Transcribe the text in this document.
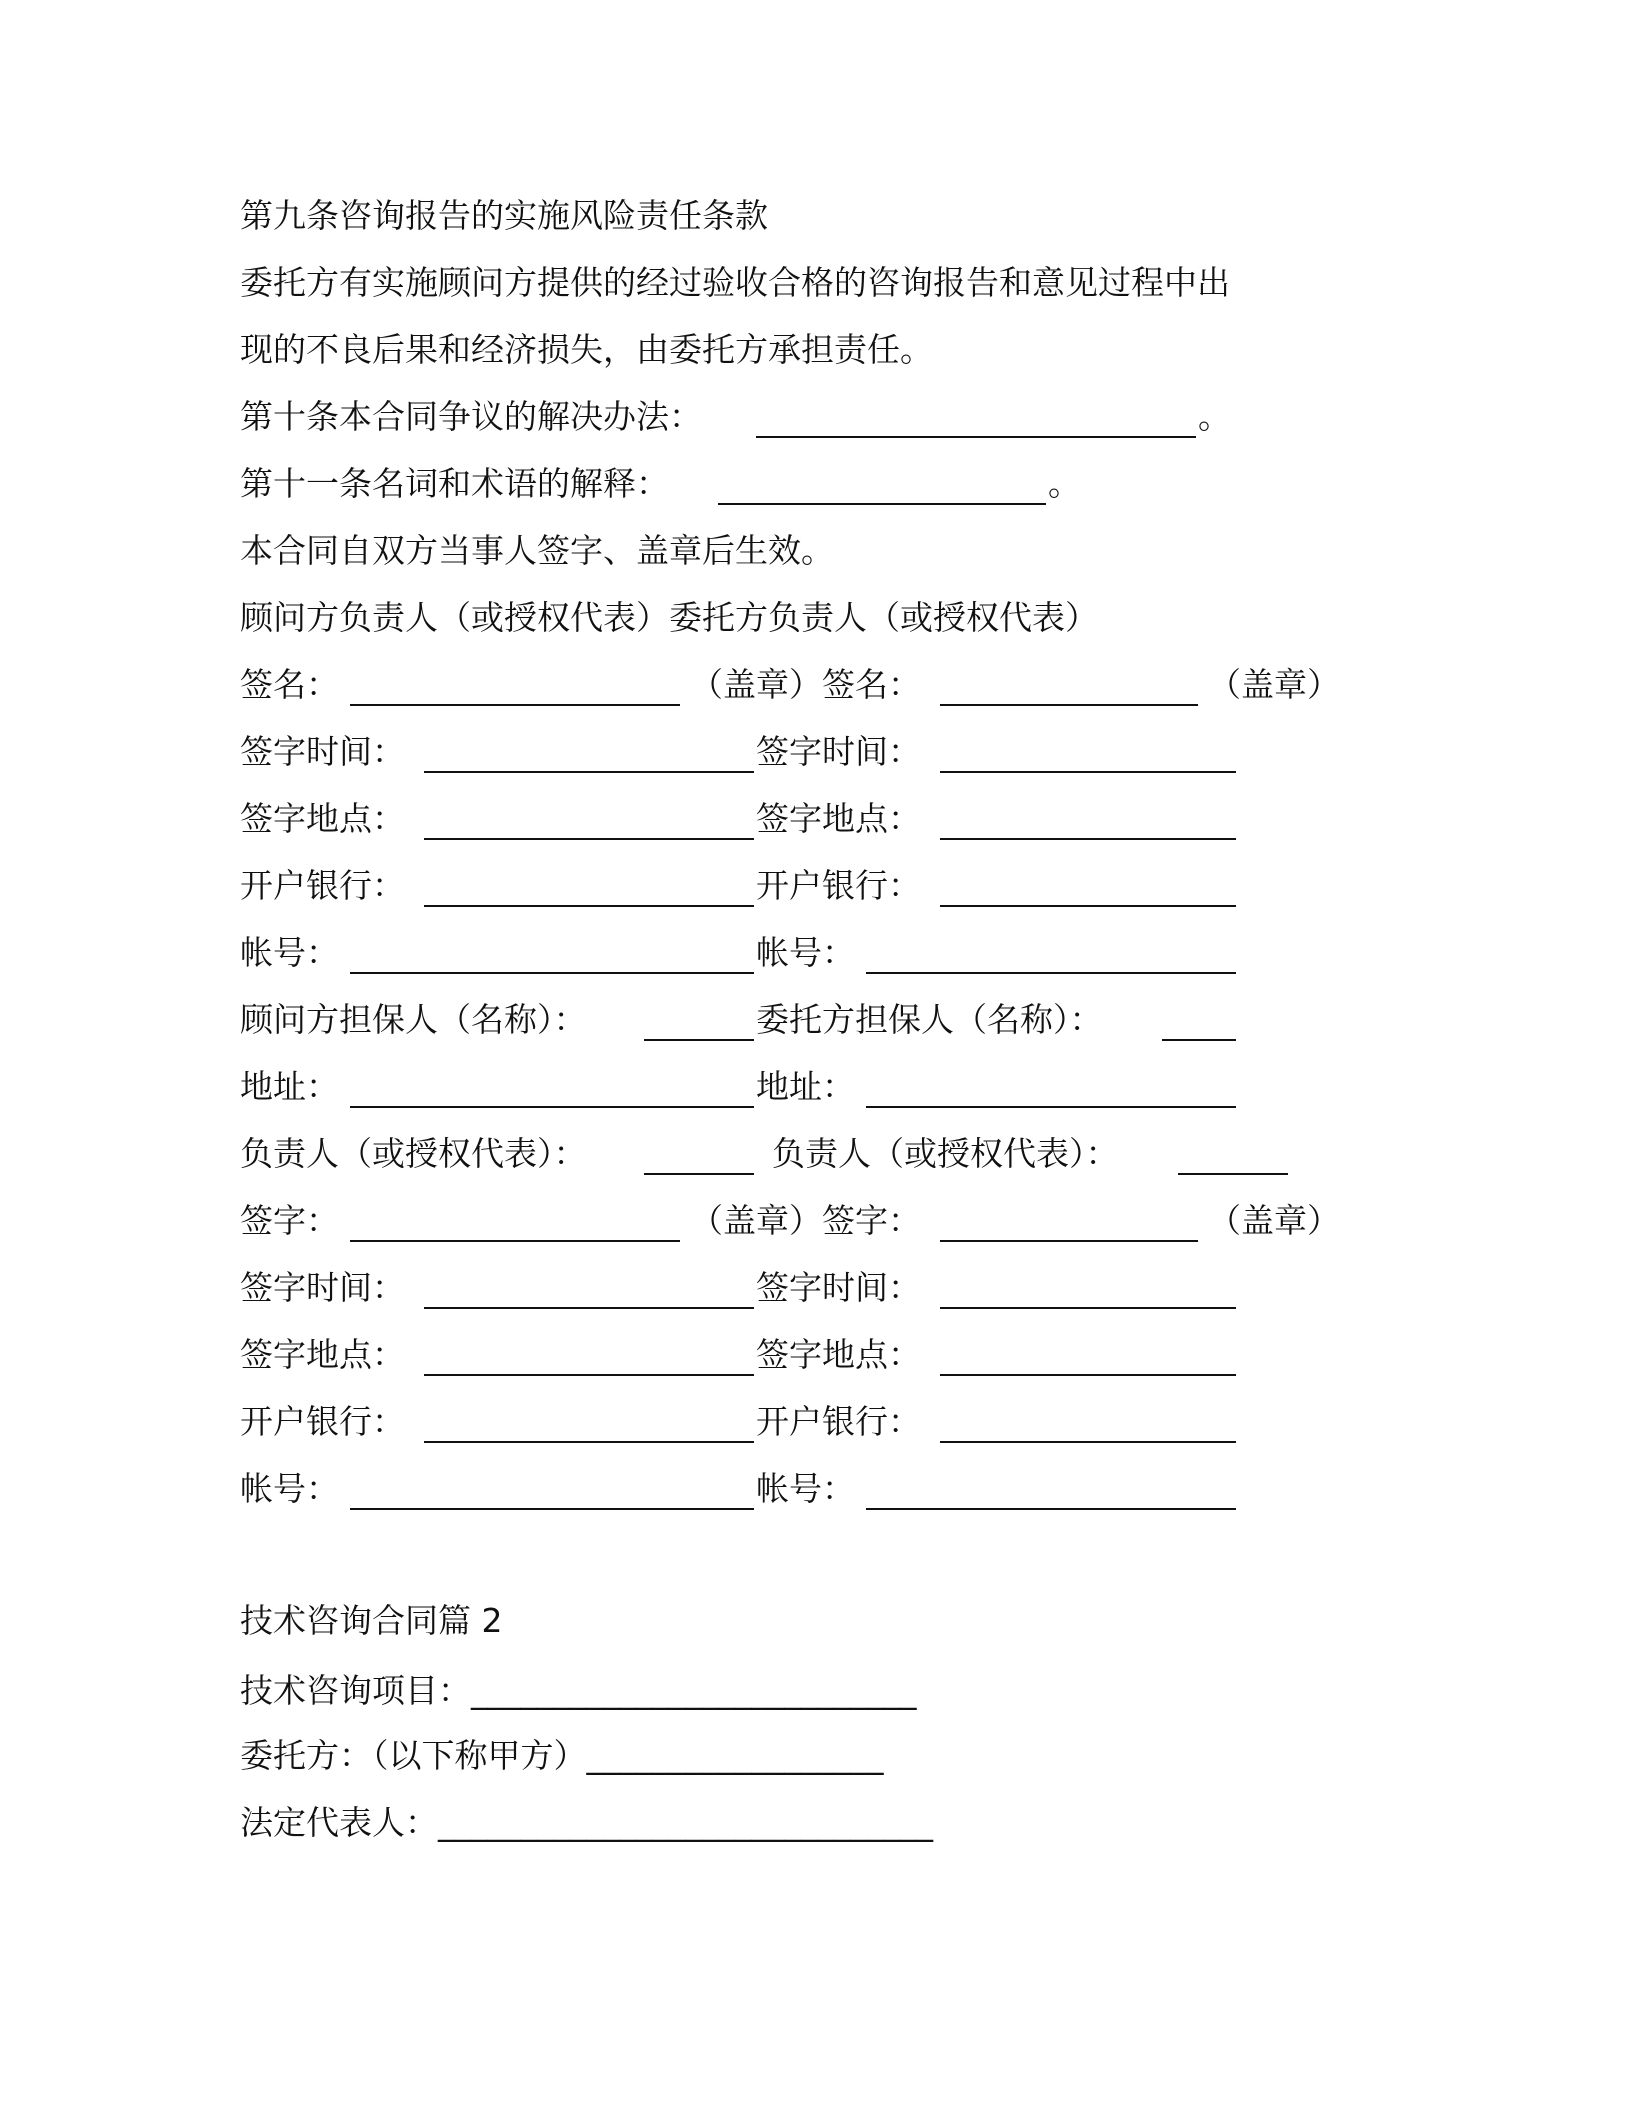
第九条咨询报告的实施风险责任条款
委托方有实施顾问方提供的经过验收合格的咨询报告和意见过程中出
现的不良后果和经济损失，由委托方承担责任。
第十条本合同争议的解决办法：	。
第十一条名词和术语的解释：	。
本合同自双方当事人签字、盖章后生效。
顾问方负责人（或授权代表）委托方负责人（或授权代表）
签名：	（盖章）签名：	（盖章）
签字时间：	签字时间：
签字地点：	签字地点：
开户银行：	开户银行：
帐号：	帐号：
顾问方担保人（名称）：	委托方担保人（名称）：
地址：	地址：
负责人（或授权代表）：	负责人（或授权代表）：
签字：	（盖章）签字：	（盖章）
签字时间：	签字时间：
签字地点：	签字地点：
开户银行：	开户银行：
帐号：	帐号：
技术咨询合同篇 2
技术咨询项目：___________________________
委托方：（以下称甲方）__________________
法定代表人：______________________________
